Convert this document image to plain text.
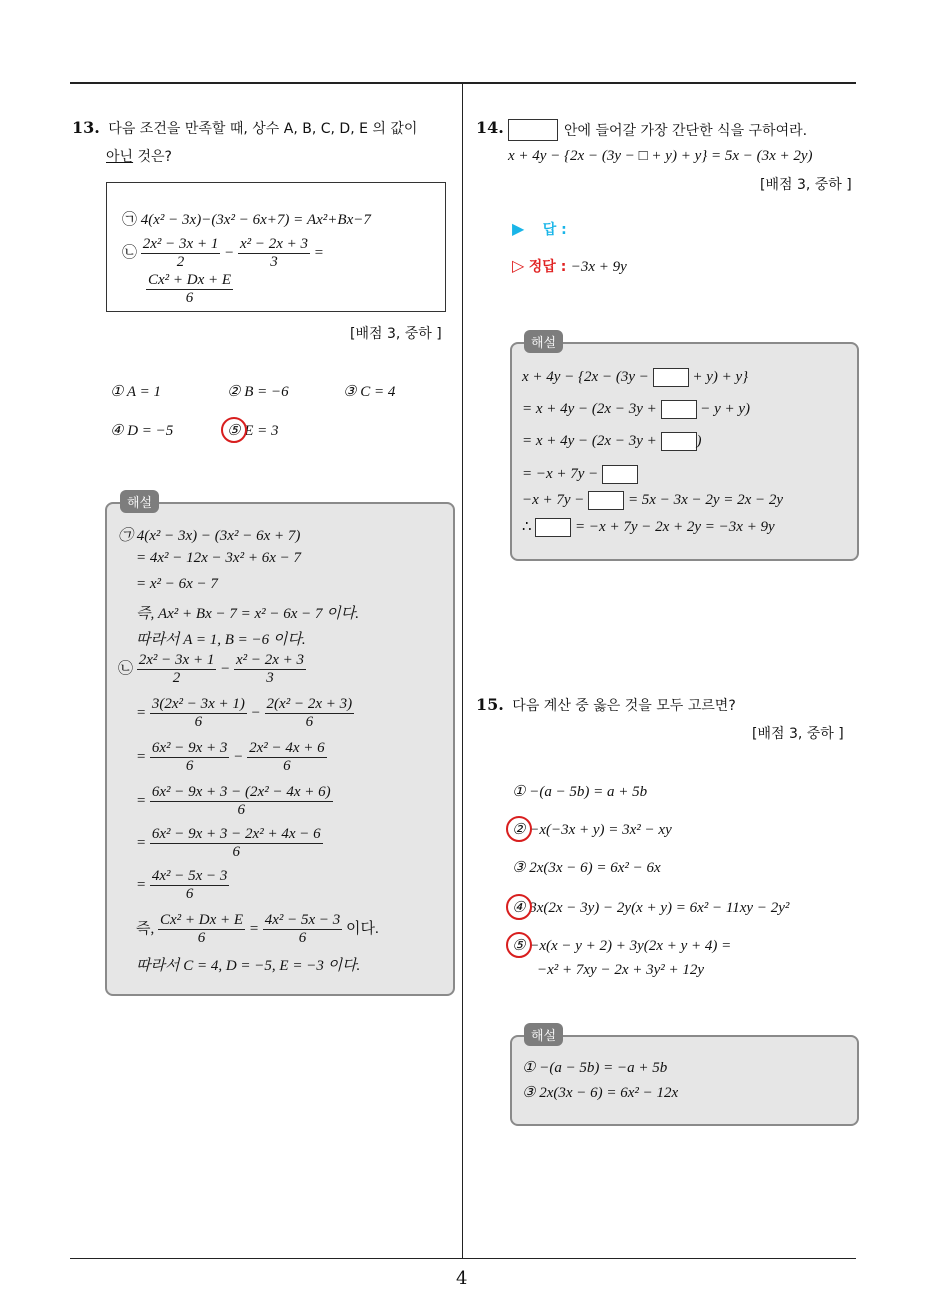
4
13. 다음 조건을 만족할 때, 상수 A, B, C, D, E 의 값이
아닌 것은?
㉠ 4(x² − 3x)−(3x² − 6x+7) = Ax²+Bx−7
㉡ $\frac{\text{2x² − 3x + 1}}{2} - \frac{\text{x² − 2x + 3}}{3}$ =
$\frac{\text{Cx² + Dx + E}}{6}$
[배점 3, 중하 ]
① A = 1	② B = −6	③ C = 4
④ D = −5	⑤ E = 3
해설
㉠ 4(x² − 3x) − (3x² − 6x + 7)
= 4x² − 12x − 3x² + 6x − 7
= x² − 6x − 7
즉, Ax² + Bx − 7 = x² − 6x − 7 이다.
따라서 A = 1, B = −6 이다.
㉡ $\frac{\text{2x² − 3x + 1}}{2} - \frac{\text{x² − 2x + 3}}{3}$
= $\frac{\text{3(2x² − 3x + 1)}}{6} - \frac{\text{2(x² − 2x + 3)}}{6}$
= $\frac{\text{6x² − 9x + 3}}{6} - \frac{\text{2x² − 4x + 6}}{6}$
= $\frac{\text{6x² − 9x + 3 − (2x² − 4x + 6)}}{6}$
= $\frac{\text{6x² − 9x + 3 − 2x² + 4x − 6}}{6}$
= $\frac{\text{4x² − 5x − 3}}{6}$
즉, $\frac{\text{Cx² + Dx + E}}{6} = \frac{\text{4x² − 5x − 3}}{6}$ 이다.
따라서 C = 4, D = −5, E = −3 이다.
14.	안에 들어갈 가장 간단한 식을 구하여라.
x + 4y − {2x − (3y − □ + y) + y} = 5x − (3x + 2y)
[배점 3, 중하 ]
▶ 답 :
▷ 정답 : −3x + 9y
해설
x + 4y − {2x − (3y −	+ y) + y}
= x + 4y − (2x − 3y +	− y + y)
= x + 4y − (2x − 3y +	)
= −x + 7y −
−x + 7y −	= 5x − 3x − 2y = 2x − 2y
∴	= −x + 7y − 2x + 2y = −3x + 9y
15. 다음 계산 중 옳은 것을 모두 고르면?
[배점 3, 중하 ]
① −(a − 5b) = a + 5b
② −x(−3x + y) = 3x² − xy
③ 2x(3x − 6) = 6x² − 6x
④ 3x(2x − 3y) − 2y(x + y) = 6x² − 11xy − 2y²
⑤ −x(x − y + 2) + 3y(2x + y + 4) =
−x² + 7xy − 2x + 3y² + 12y
해설
① −(a − 5b) = −a + 5b
③ 2x(3x − 6) = 6x² − 12x
